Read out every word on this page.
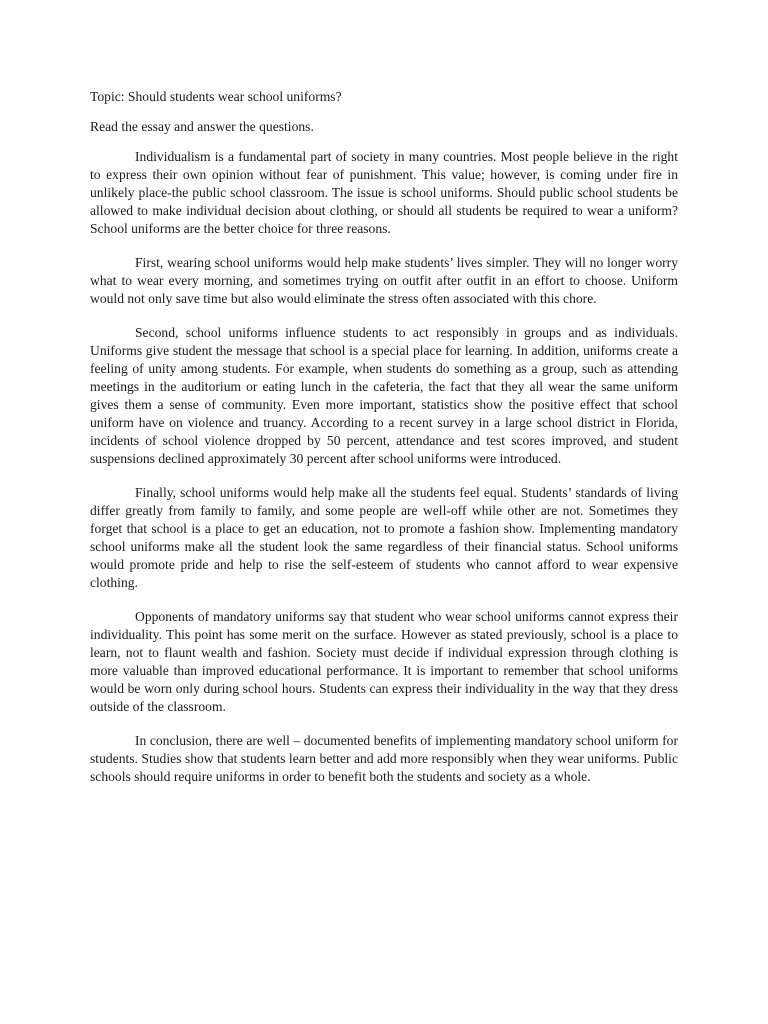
Topic: Should students wear school uniforms?

Read the essay and answer the questions.

Individualism is a fundamental part of society in many countries. Most people believe in the right to express their own opinion without fear of punishment. This value; however, is coming under fire in unlikely place-the public school classroom. The issue is school uniforms. Should public school students be allowed to make individual decision about clothing, or should all students be required to wear a uniform? School uniforms are the better choice for three reasons.

First, wearing school uniforms would help make students’ lives simpler. They will no longer worry what to wear every morning, and sometimes trying on outfit after outfit in an effort to choose. Uniform would not only save time but also would eliminate the stress often associated with this chore.

Second, school uniforms influence students to act responsibly in groups and as individuals. Uniforms give student the message that school is a special place for learning. In addition, uniforms create a feeling of unity among students. For example, when students do something as a group, such as attending meetings in the auditorium or eating lunch in the cafeteria, the fact that they all wear the same uniform gives them a sense of community. Even more important, statistics show the positive effect that school uniform have on violence and truancy. According to a recent survey in a large school district in Florida, incidents of school violence dropped by 50 percent, attendance and test scores improved, and student suspensions declined approximately 30 percent after school uniforms were introduced.

Finally, school uniforms would help make all the students feel equal. Students’ standards of living differ greatly from family to family, and some people are well-off while other are not. Sometimes they forget that school is a place to get an education, not to promote a fashion show. Implementing mandatory school uniforms make all the student look the same regardless of their financial status. School uniforms would promote pride and help to rise the self-esteem of students who cannot afford to wear expensive clothing.

Opponents of mandatory uniforms say that student who wear school uniforms cannot express their individuality. This point has some merit on the surface. However as stated previously, school is a place to learn, not to flaunt wealth and fashion. Society must decide if individual expression through clothing is more valuable than improved educational performance. It is important to remember that school uniforms would be worn only during school hours. Students can express their individuality in the way that they dress outside of the classroom.

In conclusion, there are well – documented benefits of implementing mandatory school uniform for students. Studies show that students learn better and add more responsibly when they wear uniforms. Public schools should require uniforms in order to benefit both the students and society as a whole.
